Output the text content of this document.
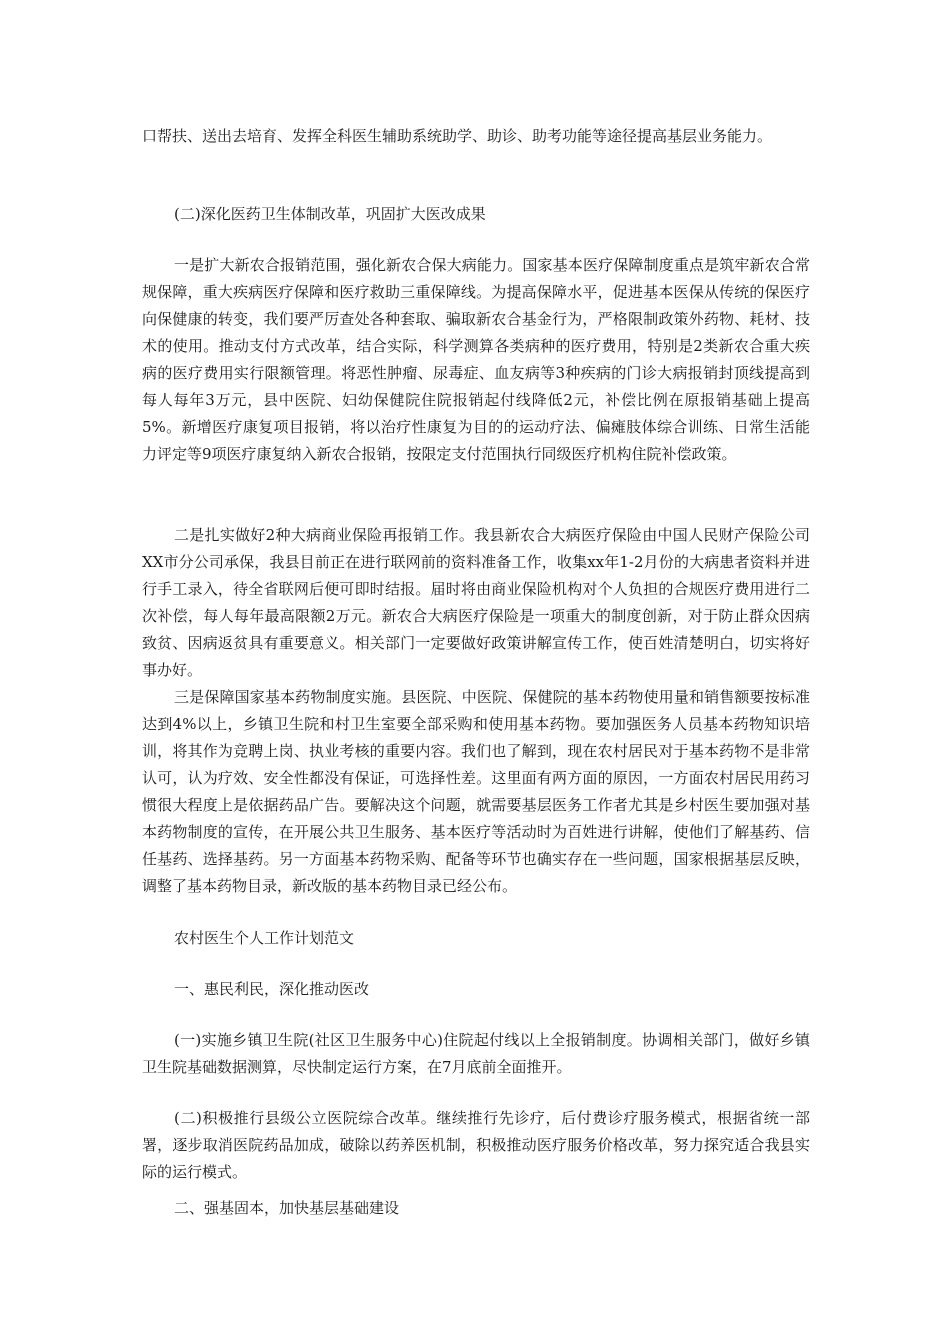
口帮扶、送出去培育、发挥全科医生辅助系统助学、助诊、助考功能等途径提高基层业务能力。

(二)深化医药卫生体制改革，巩固扩大医改成果

一是扩大新农合报销范围，强化新农合保大病能力。国家基本医疗保障制度重点是筑牢新农合常规保障，重大疾病医疗保障和医疗救助三重保障线。为提高保障水平，促进基本医保从传统的保医疗向保健康的转变，我们要严厉查处各种套取、骗取新农合基金行为，严格限制政策外药物、耗材、技术的使用。推动支付方式改革，结合实际，科学测算各类病种的医疗费用，特别是2类新农合重大疾病的医疗费用实行限额管理。将恶性肿瘤、尿毒症、血友病等3种疾病的门诊大病报销封顶线提高到每人每年3万元，县中医院、妇幼保健院住院报销起付线降低2元，补偿比例在原报销基础上提高5%。新增医疗康复项目报销，将以治疗性康复为目的的运动疗法、偏瘫肢体综合训练、日常生活能力评定等9项医疗康复纳入新农合报销，按限定支付范围执行同级医疗机构住院补偿政策。

二是扎实做好2种大病商业保险再报销工作。我县新农合大病医疗保险由中国人民财产保险公司XX市分公司承保，我县目前正在进行联网前的资料准备工作，收集xx年1-2月份的大病患者资料并进行手工录入，待全省联网后便可即时结报。届时将由商业保险机构对个人负担的合规医疗费用进行二次补偿，每人每年最高限额2万元。新农合大病医疗保险是一项重大的制度创新，对于防止群众因病致贫、因病返贫具有重要意义。相关部门一定要做好政策讲解宣传工作，使百姓清楚明白，切实将好事办好。

三是保障国家基本药物制度实施。县医院、中医院、保健院的基本药物使用量和销售额要按标准达到4%以上，乡镇卫生院和村卫生室要全部采购和使用基本药物。要加强医务人员基本药物知识培训，将其作为竞聘上岗、执业考核的重要内容。我们也了解到，现在农村居民对于基本药物不是非常认可，认为疗效、安全性都没有保证，可选择性差。这里面有两方面的原因，一方面农村居民用药习惯很大程度上是依据药品广告。要解决这个问题，就需要基层医务工作者尤其是乡村医生要加强对基本药物制度的宣传，在开展公共卫生服务、基本医疗等活动时为百姓进行讲解，使他们了解基药、信任基药、选择基药。另一方面基本药物采购、配备等环节也确实存在一些问题，国家根据基层反映，调整了基本药物目录，新改版的基本药物目录已经公布。

农村医生个人工作计划范文

一、惠民利民，深化推动医改

(一)实施乡镇卫生院(社区卫生服务中心)住院起付线以上全报销制度。协调相关部门，做好乡镇卫生院基础数据测算，尽快制定运行方案，在7月底前全面推开。

(二)积极推行县级公立医院综合改革。继续推行先诊疗，后付费诊疗服务模式，根据省统一部署，逐步取消医院药品加成，破除以药养医机制，积极推动医疗服务价格改革，努力探究适合我县实际的运行模式。

二、强基固本，加快基层基础建设
